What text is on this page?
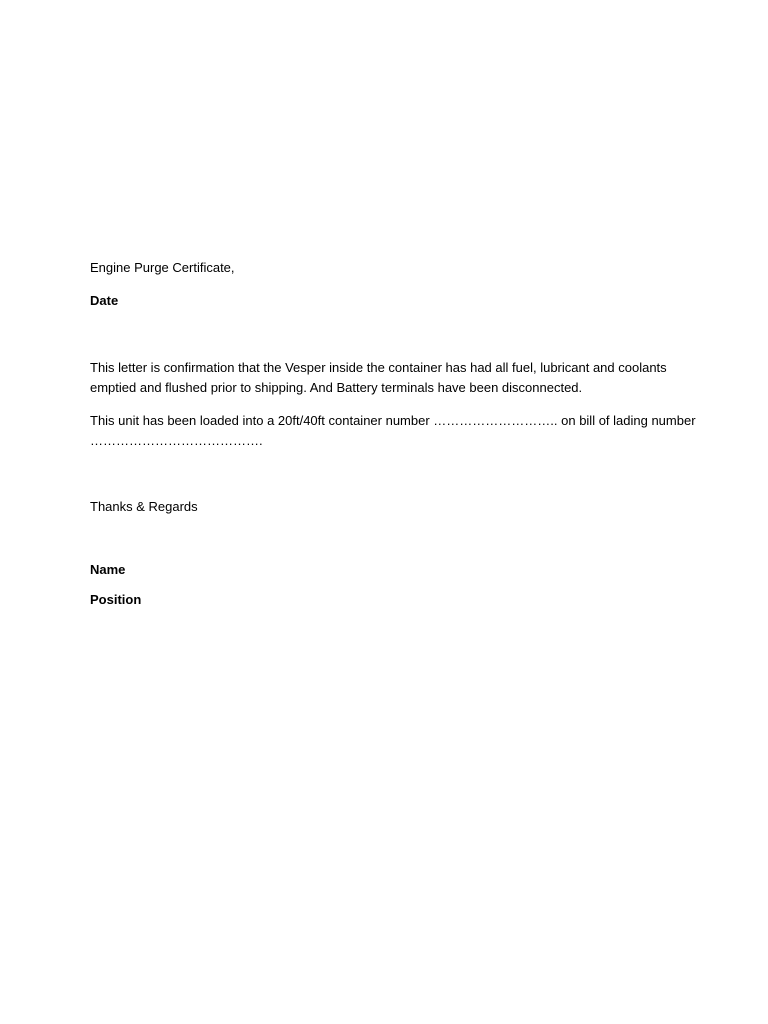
Engine Purge Certificate,
Date
This letter is confirmation that the Vesper inside the container has had all fuel, lubricant and coolants
emptied and flushed prior to shipping. And Battery terminals have been disconnected.
This unit has been loaded into a 20ft/40ft container number ……………………….. on bill of lading number
………………………………….
Thanks & Regards
Name
Position
